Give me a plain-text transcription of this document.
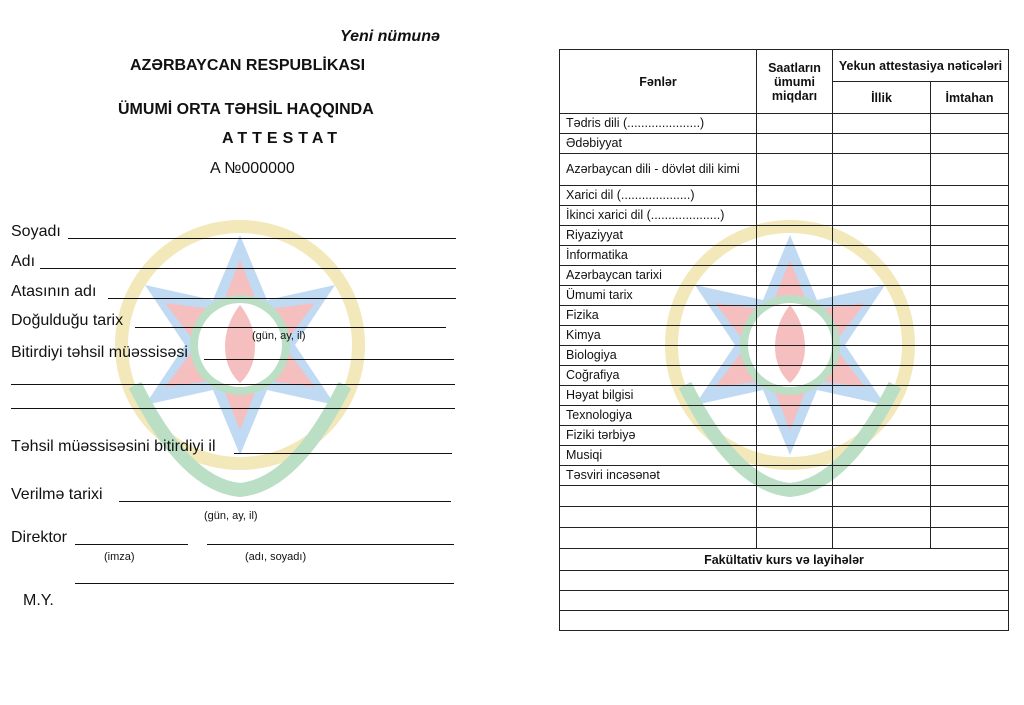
Yeni nümunə
AZƏRBAYCAN RESPUBLİKASI
ÜMUMİ ORTA TƏHSİL HAQQINDA
ATTESTAT
A №000000
Soyadı
Adı
Atasının adı
Doğulduğu tarix
(gün, ay, il)
Bitirdiyi təhsil müəssisəsi
Təhsil müəssisəsini bitirdiyi il
Verilmə tarixi
(gün, ay, il)
Direktor
(imza)	(adı, soyadı)
M.Y.
Fənlər	Saatların ümumi miqdarı	Yekun attestasiya nəticələri	
		İllik	İmtahan
Tədris dili (.....................)			
Ədəbiyyat			
Azərbaycan dili - dövlət dili kimi			
Xarici dil (....................)			
İkinci xarici dil (....................)			
Riyaziyyat			
İnformatika			
Azərbaycan tarixi			
Ümumi tarix			
Fizika			
Kimya			
Biologiya			
Coğrafiya			
Həyat bilgisi			
Texnologiya			
Fiziki tərbiyə			
Musiqi			
Təsviri incəsənət			

Fakültativ kurs və layihələr			
